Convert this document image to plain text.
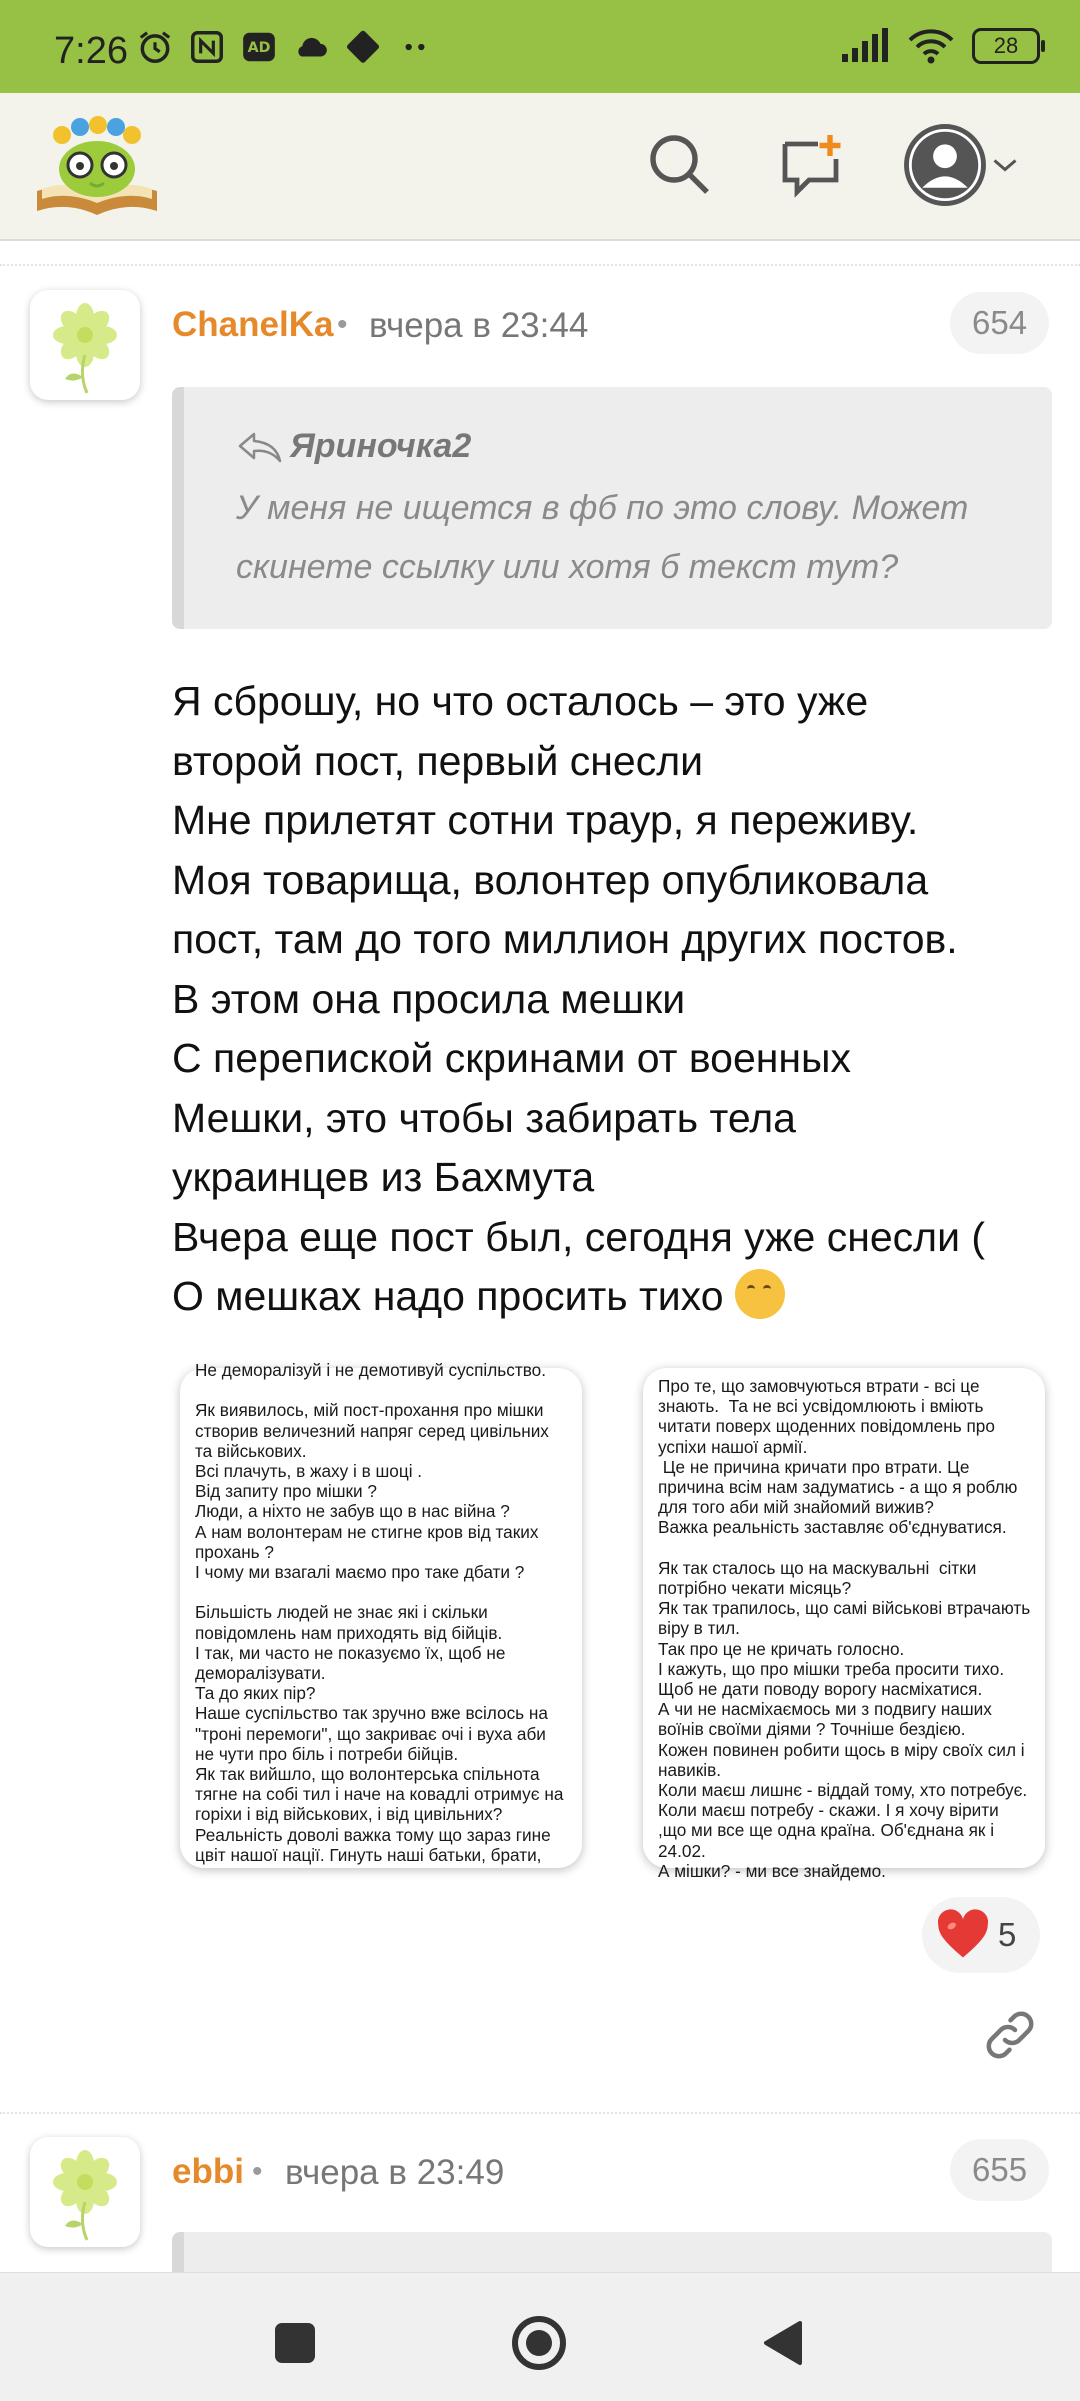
7:26	AD	28
ChanelKa • вчера в 23:44	654
Яриночка2
У меня не ищется в фб по это слову. Может скинете ссылку или хотя б текст тут?
Я сброшу, но что осталось – это уже
второй пост, первый снесли
Мне прилетят сотни траур, я переживу.
Моя товарища, волонтер опубликовала
пост, там до того миллион других постов.
В этом она просила мешки
С перепиской скринами от военных
Мешки, это чтобы забирать тела
украинцев из Бахмута
Вчера еще пост был, сегодня уже снесли (
О мешках надо просить тихо
Не деморалізуй і не демотивуй суспільство.

Як виявилось, мій пост-прохання про мішки створив величезний напряг серед цивільних та військових.
Всі плачуть, в жаху і в шоці .
Від запиту про мішки ?
Люди, а ніхто не забув що в нас війна ?
А нам волонтерам не стигне кров від таких прохань ?
І чому ми взагалі маємо про таке дбати ?

Більшість людей не знає які і скільки повідомлень нам приходять від бійців.
І так, ми часто не показуємо їх, щоб не деморалізувати.
Та до яких пір?
Наше суспільство так зручно вже всілось на "троні перемоги", що закриває очі і вуха аби не чути про біль і потреби бійців.
Як так вийшло, що волонтерська спільнота тягне на собі тил і наче на ковадлі отримує на горіхи і від військових, і від цивільних?
Реальність доволі важка тому що зараз гине цвіт нашої нації. Гинуть наші батьки, брати,
Про те, що замовчуються втрати - всі це знають.  Та не всі усвідомлюють і вміють читати поверх щоденних повідомлень про успіхи нашої армії.
Це не причина кричати про втрати. Це причина всім нам задуматись - а що я роблю для того аби мій знайомий вижив?
Важка реальність заставляє об'єднуватися.

Як так сталось що на маскувальні  сітки потрібно чекати місяць?
Як так трапилось, що самі військові втрачають віру в тил.
Так про це не кричать голосно.
І кажуть, що про мішки треба просити тихо.
Щоб не дати поводу ворогу насміхатися.
А чи не насміхаємось ми з подвигу наших воїнів своїми діями ? Точніше бездією.
Кожен повинен робити щось в міру своїх сил і навиків.
Коли маєш лишнє - віддай тому, хто потребує.
Коли маєш потребу - скажи. І я хочу вірити ,що ми все ще одна країна. Об'єднана як і 24.02.
А мішки? - ми все знайдемо.
5
ebbi • вчера в 23:49	655
